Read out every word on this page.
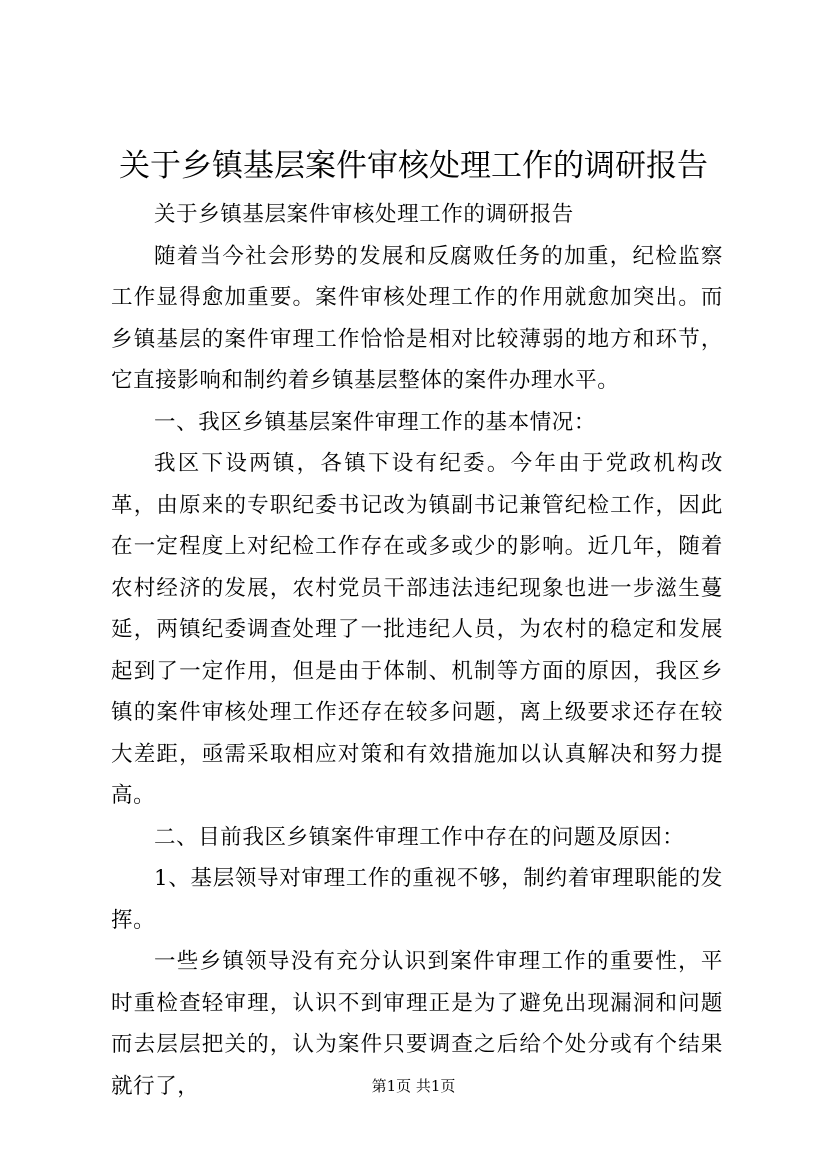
关于乡镇基层案件审核处理工作的调研报告

关于乡镇基层案件审核处理工作的调研报告

随着当今社会形势的发展和反腐败任务的加重，纪检监察工作显得愈加重要。案件审核处理工作的作用就愈加突出。而乡镇基层的案件审理工作恰恰是相对比较薄弱的地方和环节，它直接影响和制约着乡镇基层整体的案件办理水平。

一、我区乡镇基层案件审理工作的基本情况：

我区下设两镇，各镇下设有纪委。今年由于党政机构改革，由原来的专职纪委书记改为镇副书记兼管纪检工作，因此在一定程度上对纪检工作存在或多或少的影响。近几年，随着农村经济的发展，农村党员干部违法违纪现象也进一步滋生蔓延，两镇纪委调查处理了一批违纪人员，为农村的稳定和发展起到了一定作用，但是由于体制、机制等方面的原因，我区乡镇的案件审核处理工作还存在较多问题，离上级要求还存在较大差距，亟需采取相应对策和有效措施加以认真解决和努力提高。

二、目前我区乡镇案件审理工作中存在的问题及原因：

1、基层领导对审理工作的重视不够，制约着审理职能的发挥。

一些乡镇领导没有充分认识到案件审理工作的重要性，平时重检查轻审理，认识不到审理正是为了避免出现漏洞和问题而去层层把关的，认为案件只要调查之后给个处分或有个结果就行了，	第1页 共1页
